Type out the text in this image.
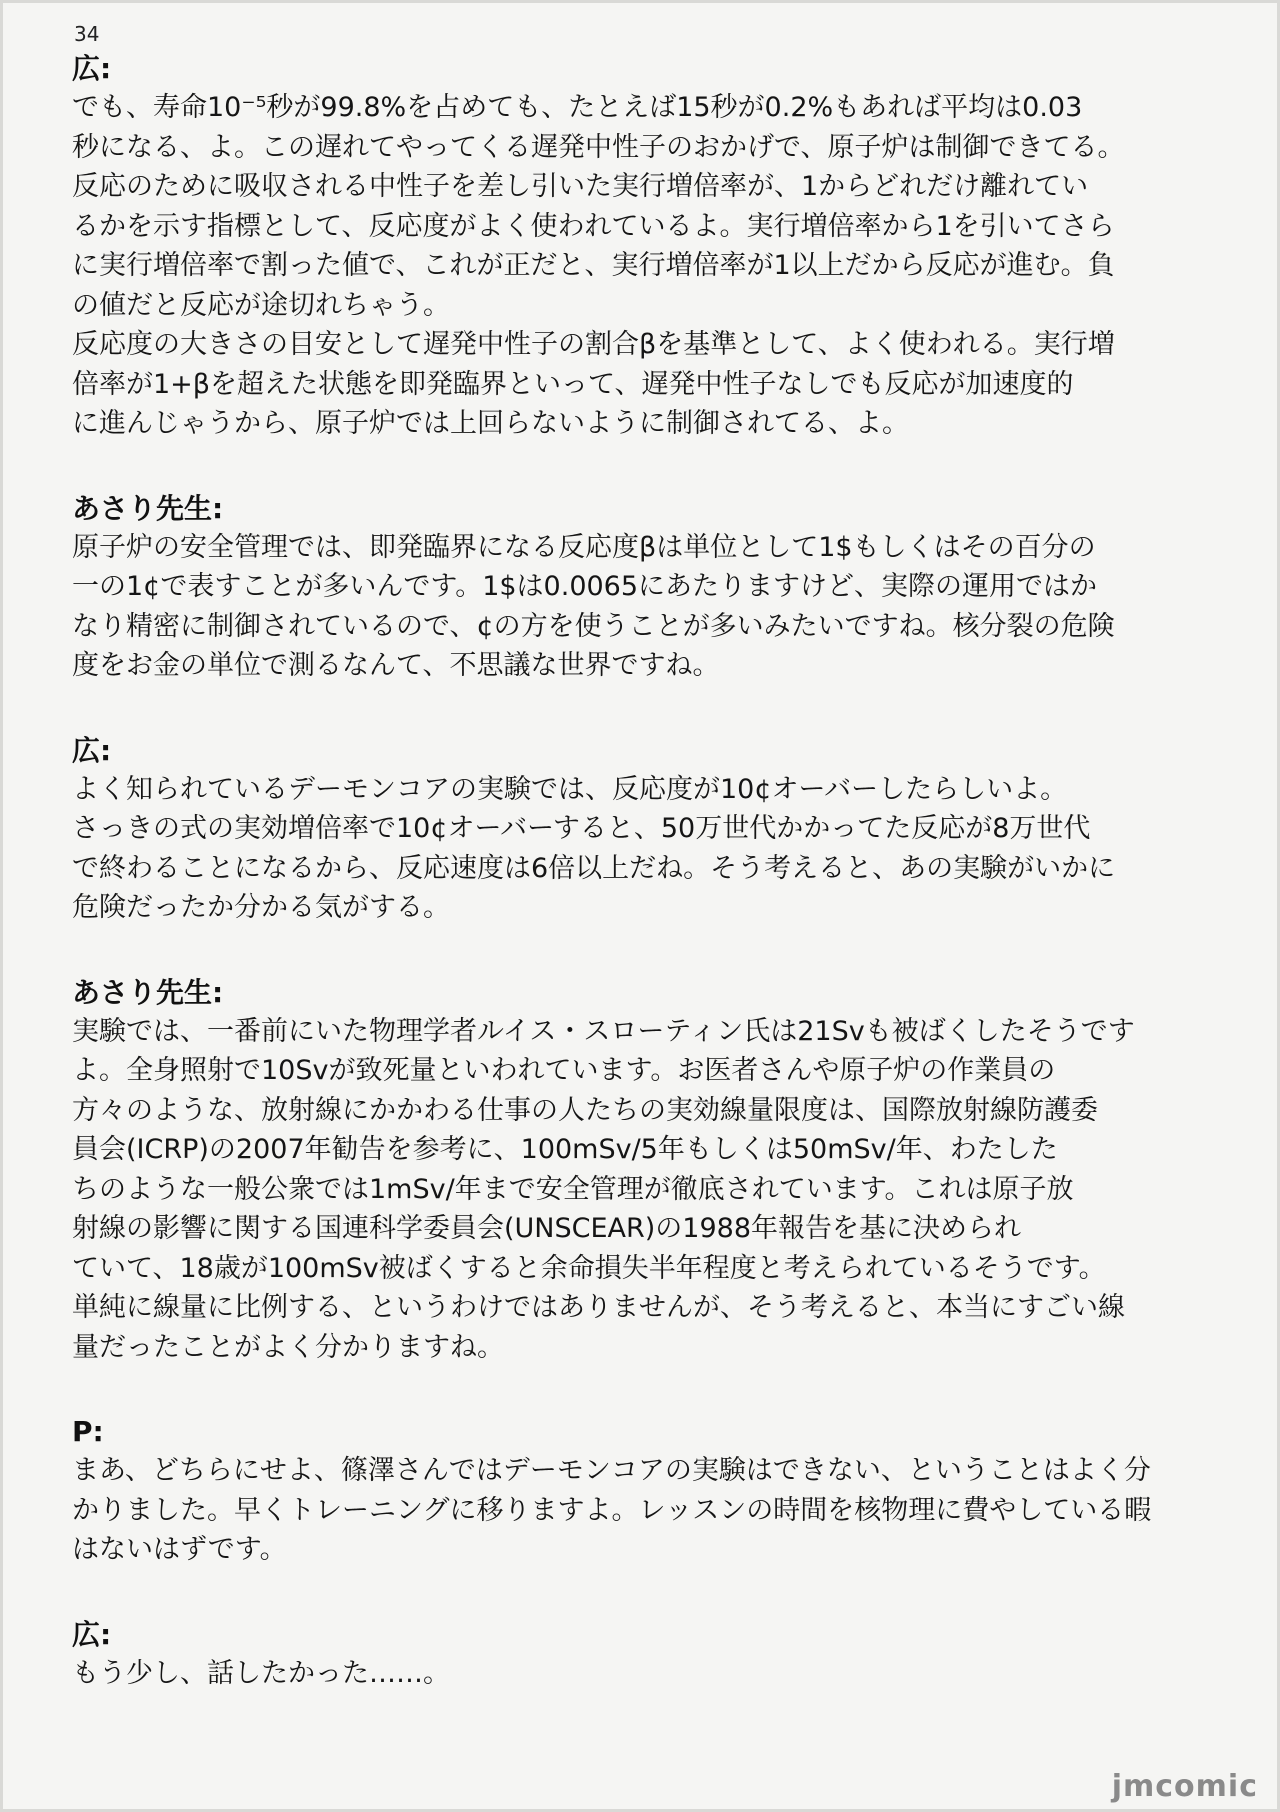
34
広:

でも、寿命10⁻⁵秒が99.8%を占めても、たとえば15秒が0.2%もあれば平均は0.03

秒になる、よ。この遅れてやってくる遅発中性子のおかげで、原子炉は制御できてる。

反応のために吸収される中性子を差し引いた実行増倍率が、1からどれだけ離れてい

るかを示す指標として、反応度がよく使われているよ。実行増倍率から1を引いてさら

に実行増倍率で割った値で、これが正だと、実行増倍率が1以上だから反応が進む。負

の値だと反応が途切れちゃう。

反応度の大きさの目安として遅発中性子の割合βを基準として、よく使われる。実行増

倍率が1+βを超えた状態を即発臨界といって、遅発中性子なしでも反応が加速度的

に進んじゃうから、原子炉では上回らないように制御されてる、よ。

あさり先生:

原子炉の安全管理では、即発臨界になる反応度βは単位として1$もしくはその百分の

一の1¢で表すことが多いんです。1$は0.0065にあたりますけど、実際の運用ではか

なり精密に制御されているので、¢の方を使うことが多いみたいですね。核分裂の危険

度をお金の単位で測るなんて、不思議な世界ですね。

広:

よく知られているデーモンコアの実験では、反応度が10¢オーバーしたらしいよ。

さっきの式の実効増倍率で10¢オーバーすると、50万世代かかってた反応が8万世代

で終わることになるから、反応速度は6倍以上だね。そう考えると、あの実験がいかに

危険だったか分かる気がする。

あさり先生:

実験では、一番前にいた物理学者ルイス・スローティン氏は21Svも被ばくしたそうです

よ。全身照射で10Svが致死量といわれています。お医者さんや原子炉の作業員の

方々のような、放射線にかかわる仕事の人たちの実効線量限度は、国際放射線防護委

員会(ICRP)の2007年勧告を参考に、100mSv/5年もしくは50mSv/年、わたした

ちのような一般公衆では1mSv/年まで安全管理が徹底されています。これは原子放

射線の影響に関する国連科学委員会(UNSCEAR)の1988年報告を基に決められ

ていて、18歳が100mSv被ばくすると余命損失半年程度と考えられているそうです。

単純に線量に比例する、というわけではありませんが、そう考えると、本当にすごい線

量だったことがよく分かりますね。

P:

まあ、どちらにせよ、篠澤さんではデーモンコアの実験はできない、ということはよく分

かりました。早くトレーニングに移りますよ。レッスンの時間を核物理に費やしている暇

はないはずです。

広:

もう少し、話したかった……。

jmcomic
